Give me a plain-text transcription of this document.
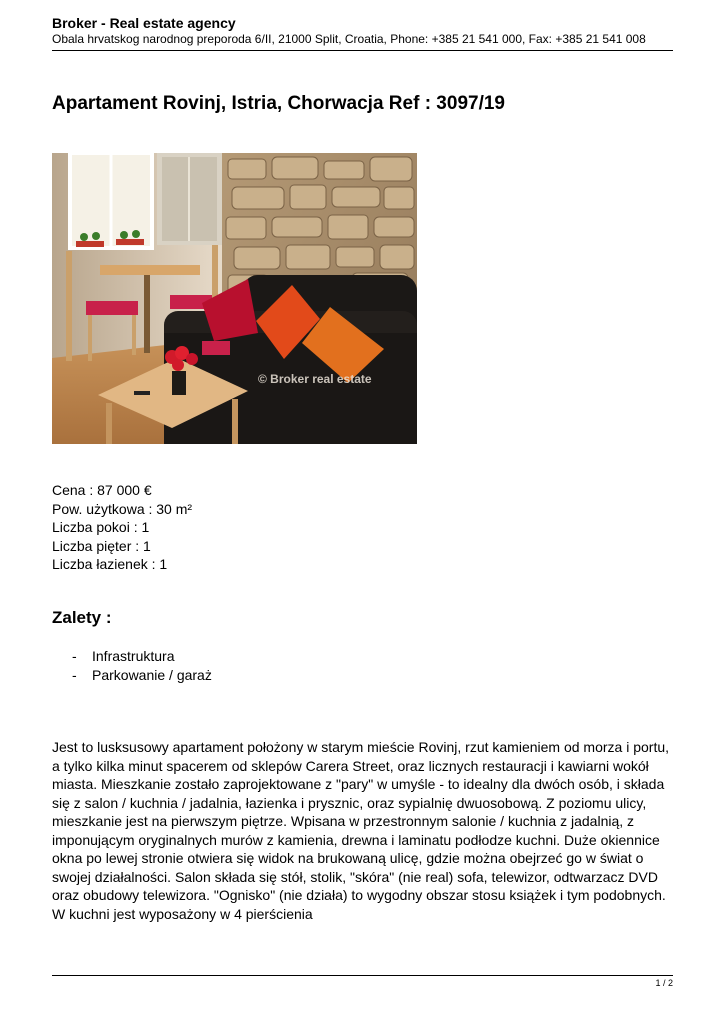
Broker - Real estate agency
Obala hrvatskog narodnog preporoda 6/II, 21000 Split, Croatia, Phone: +385 21 541 000, Fax: +385 21 541 008
Apartament Rovinj, Istria, Chorwacja Ref : 3097/19
© Broker real estate
Cena : 87 000 €
Pow. użytkowa : 30 m²
Liczba pokoi : 1
Liczba pięter : 1
Liczba łazienek : 1
Zalety :
- Infrastruktura
- Parkowanie / garaż

Jest to lusksusowy apartament położony w starym mieście Rovinj, rzut kamieniem od morza i portu, a tylko kilka minut spacerem od sklepów Carera Street, oraz licznych restauracji i kawiarni wokół miasta. Mieszkanie zostało zaprojektowane z "pary" w umyśle - to idealny dla dwóch osób, i składa się z salon / kuchnia / jadalnia, łazienka i prysznic, oraz sypialnię dwuosobową. Z poziomu ulicy, mieszkanie jest na pierwszym piętrze. Wpisana w przestronnym salonie / kuchnia z jadalnią, z imponującym oryginalnych murów z kamienia, drewna i laminatu podłodze kuchni. Duże okiennice okna po lewej stronie otwiera się widok na brukowaną ulicę, gdzie można obejrzeć go w świat o swojej działalności. Salon składa się stół, stolik, "skóra" (nie real) sofa, telewizor, odtwarzacz DVD oraz obudowy telewizora. "Ognisko" (nie działa) to wygodny obszar stosu książek i tym podobnych. W kuchni jest wyposażony w 4 pierścienia

1 / 2
